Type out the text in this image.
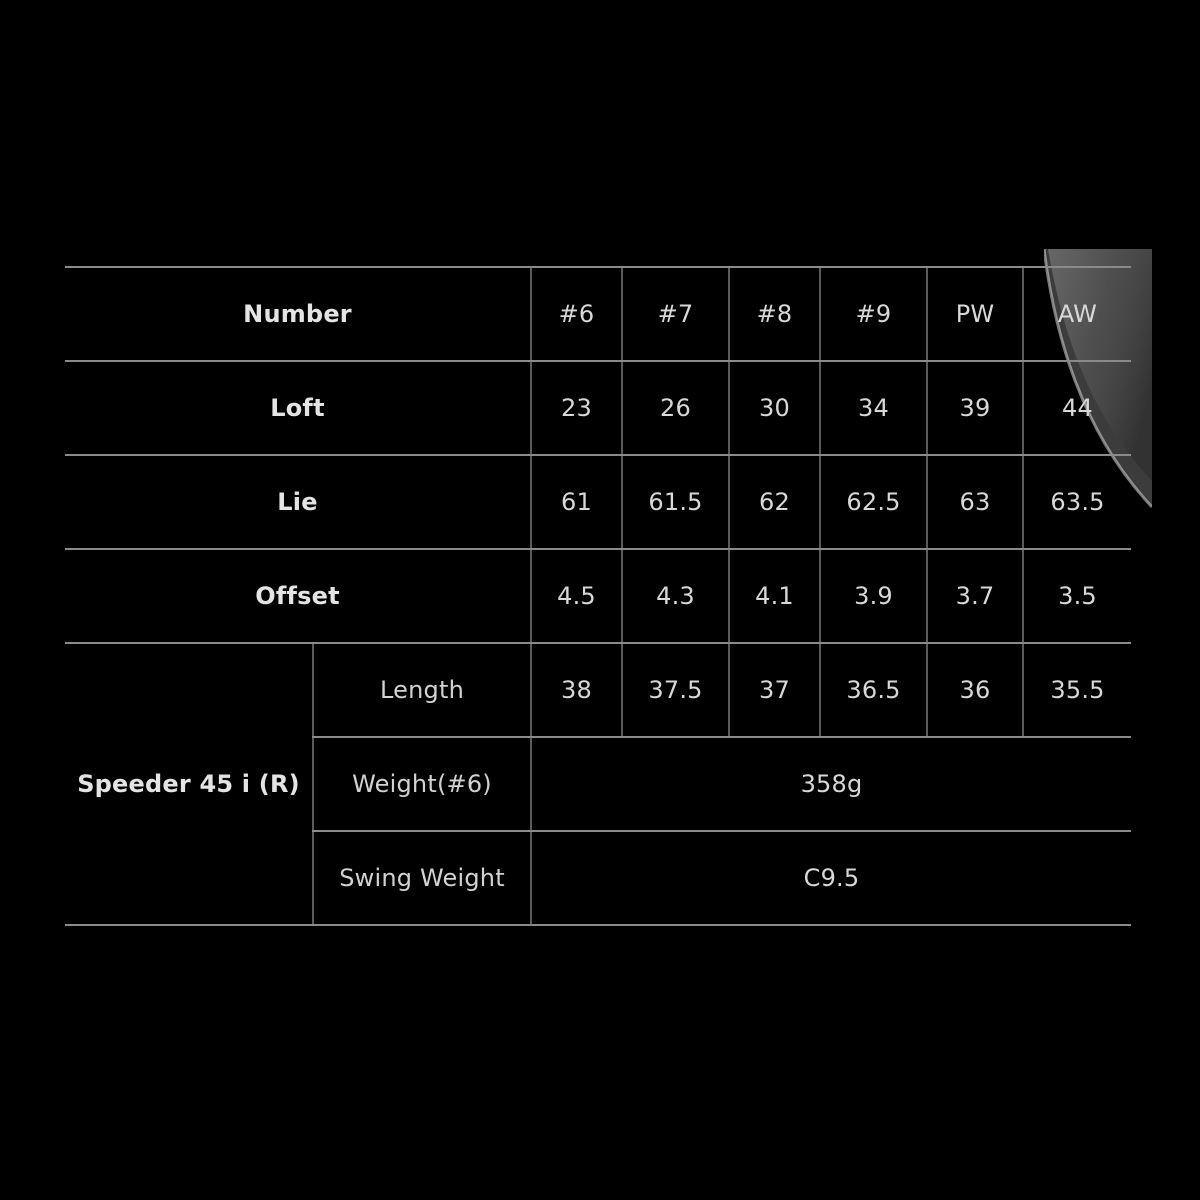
Number		#6	#7	#8	#9	PW	AW
Loft		23	26	30	34	39	44
Lie		61	61.5	62	62.5	63	63.5
Offset		4.5	4.3	4.1	3.9	3.7	3.5
Speeder 45 i (R)	Length	38	37.5	37	36.5	36	35.5
	Weight(#6)	358g					
	Swing Weight	C9.5					
